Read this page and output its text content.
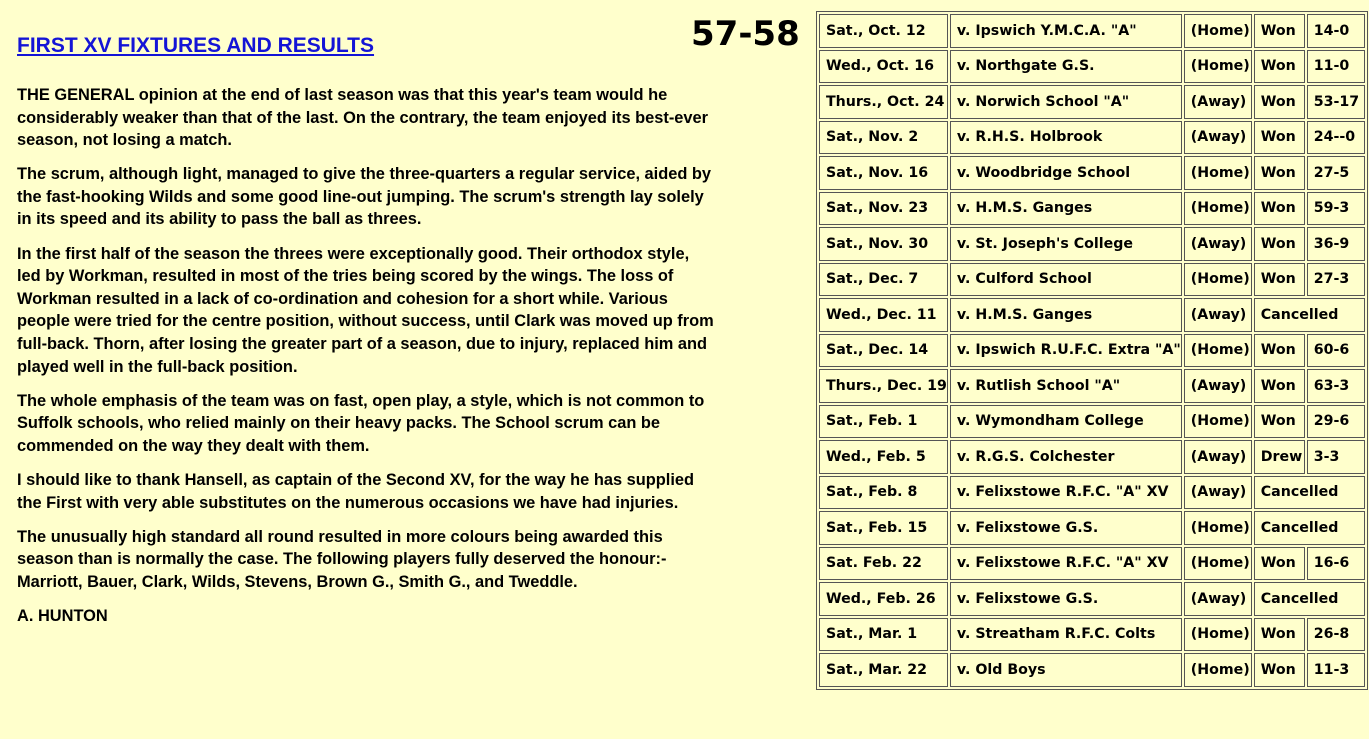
FIRST XV FIXTURES AND RESULTS	57-58

THE GENERAL opinion at the end of last season was that this year's team would he
considerably weaker than that of the last. On the contrary, the team enjoyed its best-ever
season, not losing a match.

The scrum, although light, managed to give the three-quarters a regular service, aided by
the fast-hooking Wilds and some good line-out jumping. The scrum's strength lay solely
in its speed and its ability to pass the ball as threes.

In the first half of the season the threes were exceptionally good. Their orthodox style,
led by Workman, resulted in most of the tries being scored by the wings. The loss of
Workman resulted in a lack of co-ordination and cohesion for a short while. Various
people were tried for the centre position, without success, until Clark was moved up from
full-back. Thorn, after losing the greater part of a season, due to injury, replaced him and
played well in the full-back position.

The whole emphasis of the team was on fast, open play, a style, which is not common to
Suffolk schools, who relied mainly on their heavy packs. The School scrum can be
commended on the way they dealt with them.

I should like to thank Hansell, as captain of the Second XV, for the way he has supplied
the First with very able substitutes on the numerous occasions we have had injuries.

The unusually high standard all round resulted in more colours being awarded this
season than is normally the case. The following players fully deserved the honour:-
Marriott, Bauer, Clark, Wilds, Stevens, Brown G., Smith G., and Tweddle.

A. HUNTON

Sat., Oct. 12	v. Ipswich Y.M.C.A. "A"	(Home)	Won	14-0
Wed., Oct. 16	v. Northgate G.S.	(Home)	Won	11-0
Thurs., Oct. 24	v. Norwich School "A"	(Away)	Won	53-17
Sat., Nov. 2	v. R.H.S. Holbrook	(Away)	Won	24--0
Sat., Nov. 16	v. Woodbridge School	(Home)	Won	27-5
Sat., Nov. 23	v. H.M.S. Ganges	(Home)	Won	59-3
Sat., Nov. 30	v. St. Joseph's College	(Away)	Won	36-9
Sat., Dec. 7	v. Culford School	(Home)	Won	27-3
Wed., Dec. 11	v. H.M.S. Ganges	(Away)	Cancelled	
Sat., Dec. 14	v. Ipswich R.U.F.C. Extra "A"	(Home)	Won	60-6
Thurs., Dec. 19	v. Rutlish School "A"	(Away)	Won	63-3
Sat., Feb. 1	v. Wymondham College	(Home)	Won	29-6
Wed., Feb. 5	v. R.G.S. Colchester	(Away)	Drew	3-3
Sat., Feb. 8	v. Felixstowe R.F.C. "A" XV	(Away)	Cancelled	
Sat., Feb. 15	v. Felixstowe G.S.	(Home)	Cancelled	
Sat. Feb. 22	v. Felixstowe R.F.C. "A" XV	(Home)	Won	16-6
Wed., Feb. 26	v. Felixstowe G.S.	(Away)	Cancelled	
Sat., Mar. 1	v. Streatham R.F.C. Colts	(Home)	Won	26-8
Sat., Mar. 22	v. Old Boys	(Home)	Won	11-3
